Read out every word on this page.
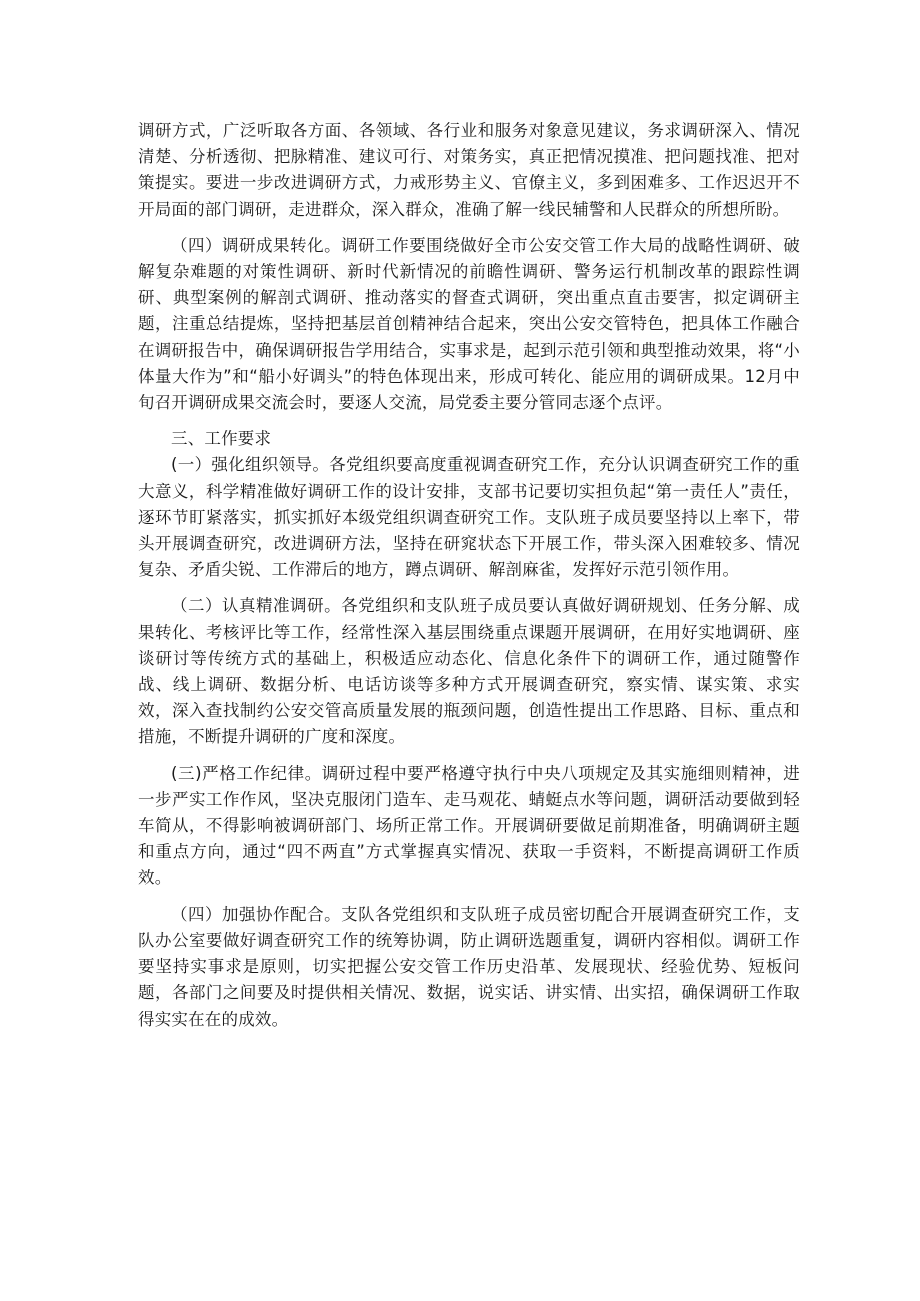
调研方式，广泛听取各方面、各领域、各行业和服务对象意见建议，务求调研深入、情况清楚、分析透彻、把脉精准、建议可行、对策务实，真正把情况摸准、把问题找准、把对策提实。要进一步改进调研方式，力戒形势主义、官僚主义，多到困难多、工作迟迟开不开局面的部门调研，走进群众，深入群众，准确了解一线民辅警和人民群众的所想所盼。

（四）调研成果转化。调研工作要围绕做好全市公安交管工作大局的战略性调研、破解复杂难题的对策性调研、新时代新情况的前瞻性调研、警务运行机制改革的跟踪性调研、典型案例的解剖式调研、推动落实的督查式调研，突出重点直击要害，拟定调研主题，注重总结提炼，坚持把基层首创精神结合起来，突出公安交管特色，把具体工作融合在调研报告中，确保调研报告学用结合，实事求是，起到示范引领和典型推动效果，将“小体量大作为”和“船小好调头”的特色体现出来，形成可转化、能应用的调研成果。12月中旬召开调研成果交流会时，要逐人交流，局党委主要分管同志逐个点评。

三、工作要求

(一）强化组织领导。各党组织要高度重视调查研究工作，充分认识调查研究工作的重大意义，科学精准做好调研工作的设计安排，支部书记要切实担负起“第一责任人”责任，逐环节盯紧落实，抓实抓好本级党组织调查研究工作。支队班子成员要坚持以上率下，带头开展调查研究，改进调研方法，坚持在研窕状态下开展工作，带头深入困难较多、情况复杂、矛盾尖锐、工作滞后的地方，蹲点调研、解剖麻雀，发挥好示范引领作用。

（二）认真精准调研。各党组织和支队班子成员要认真做好调研规划、任务分解、成果转化、考核评比等工作，经常性深入基层围绕重点课题开展调研，在用好实地调研、座谈研讨等传统方式的基础上，积极适应动态化、信息化条件下的调研工作，通过随警作战、线上调研、数据分析、电话访谈等多种方式开展调查研究，察实情、谋实策、求实效，深入查找制约公安交管高质量发展的瓶颈问题，创造性提出工作思路、目标、重点和措施，不断提升调研的广度和深度。

(三)严格工作纪律。调研过程中要严格遵守执行中央八项规定及其实施细则精神，进一步严实工作作风，坚决克服闭门造车、走马观花、蜻蜓点水等问题，调研活动要做到轻车简从，不得影响被调研部门、场所正常工作。开展调研要做足前期准备，明确调研主题和重点方向，通过“四不两直”方式掌握真实情况、获取一手资料，不断提高调研工作质效。

（四）加强协作配合。支队各党组织和支队班子成员密切配合开展调查研究工作，支队办公室要做好调查研究工作的统筹协调，防止调研选题重复，调研内容相似。调研工作要坚持实事求是原则，切实把握公安交管工作历史沿革、发展现状、经验优势、短板问题，各部门之间要及时提供相关情况、数据，说实话、讲实情、出实招，确保调研工作取得实实在在的成效。
